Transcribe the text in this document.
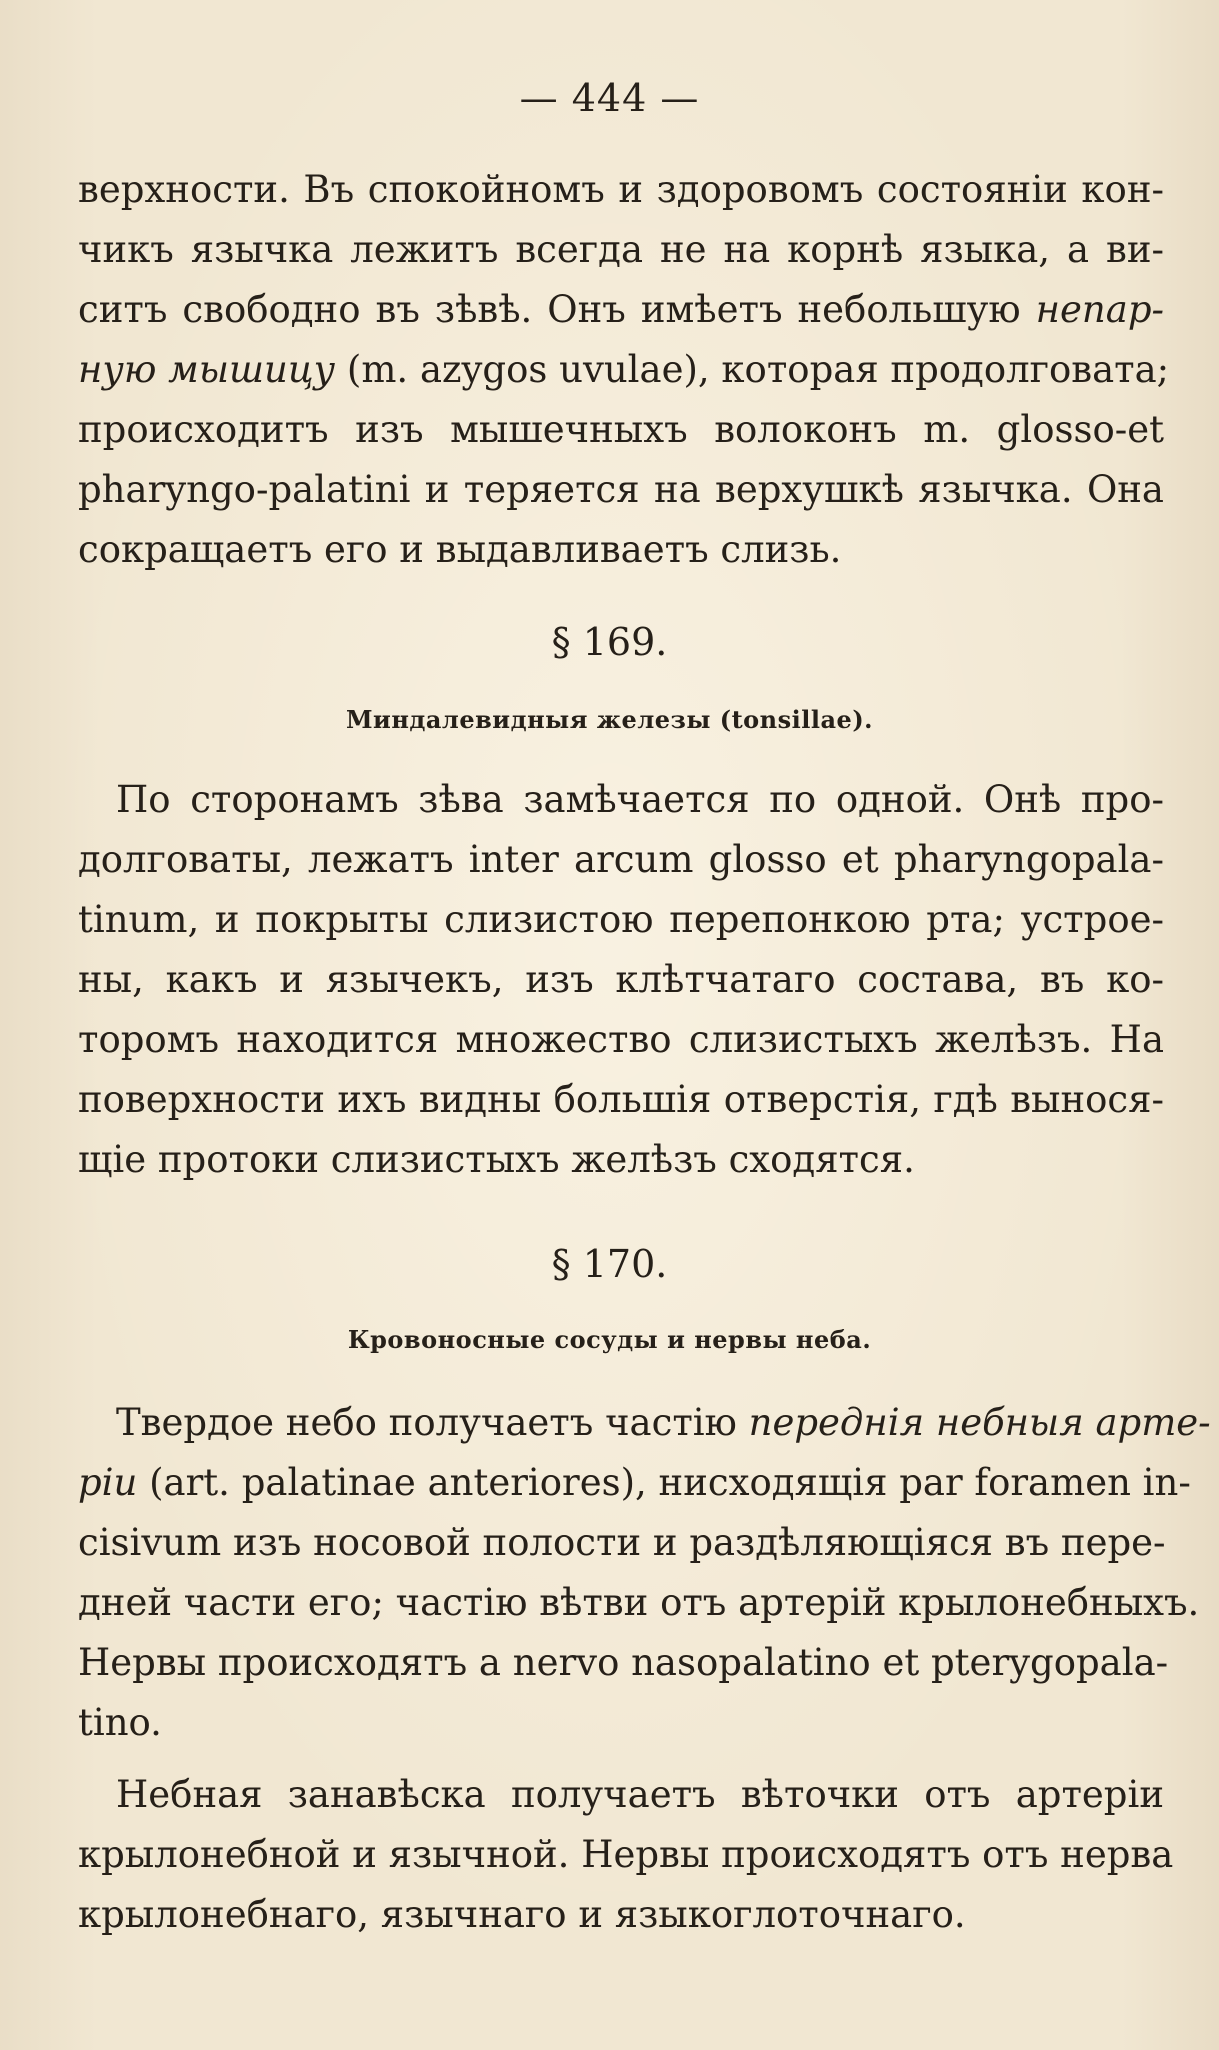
— 444 —
верхности. Въ спокойномъ и здоровомъ состоянiи кон-
чикъ язычка лежитъ всегда не на корнѣ языка, а ви-
ситъ свободно въ зѣвѣ. Онъ имѣетъ небольшую непар-
ную мышицу (m. azygos uvulae), которая продолговата;
происходитъ изъ мышечныхъ волоконъ m. glosso-et
pharyngo-palatini и теряется на верхушкѣ язычка. Она
сокращаетъ его и выдавливаетъ слизь.
§ 169.
Миндалевидныя железы (tonsillae).
По сторонамъ зѣва замѣчается по одной. Онѣ про-
долговаты, лежатъ inter arcum glosso et pharyngopala-
tinum, и покрыты слизистою перепонкою рта; устрое-
ны, какъ и язычекъ, изъ клѣтчатаго состава, въ ко-
торомъ находится множество слизистыхъ желѣзъ. На
поверхности ихъ видны большiя отверстiя, гдѣ вынося-
щiе протоки слизистыхъ желѣзъ сходятся.
§ 170.
Кровоносные сосуды и нервы неба.
Твердое небо получаетъ частiю переднiя небныя арте-
рiи (art. palatinae anteriores), нисходящiя par foramen in-
cisivum изъ носовой полости и раздѣляющiяся въ пере-
дней части его; частiю вѣтви отъ артерiй крылонебныхъ.
Нервы происходятъ a nervo nasopalatino et pterygopala-
tino.
Небная занавѣска получаетъ вѣточки отъ артерiи
крылонебной и язычной. Нервы происходятъ отъ нерва
крылонебнаго, язычнаго и языкоглоточнаго.
